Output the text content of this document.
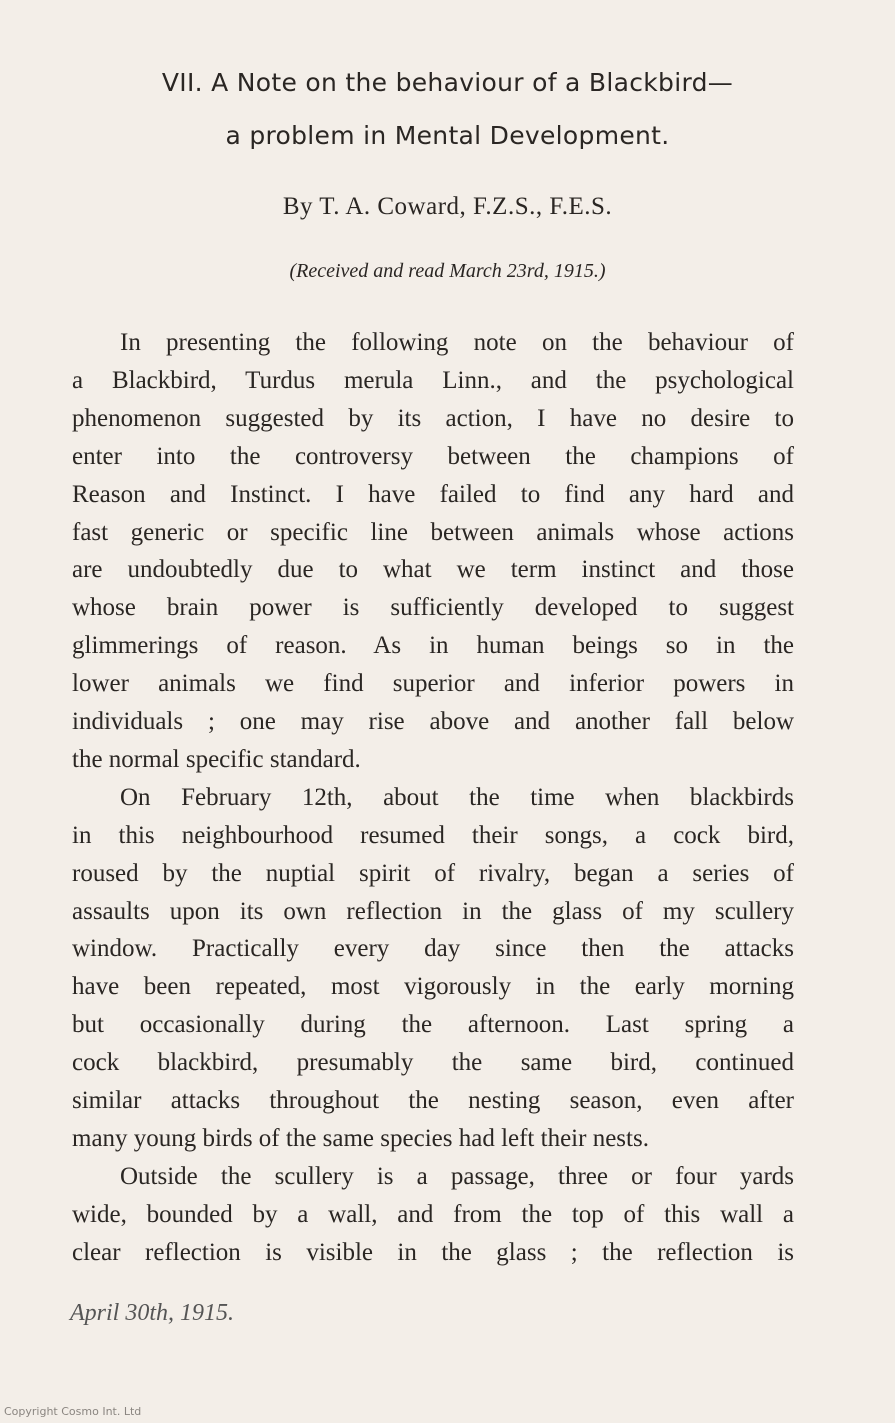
VII. A Note on the behaviour of a Blackbird—
a problem in Mental Development.
By T. A. Coward, F.Z.S., F.E.S.
(Received and read March 23rd, 1915.)
In presenting the following note on the behaviour of
a Blackbird, Turdus merula Linn., and the psychological
phenomenon suggested by its action, I have no desire to
enter into the controversy between the champions of
Reason and Instinct. I have failed to find any hard and
fast generic or specific line between animals whose actions
are undoubtedly due to what we term instinct and those
whose brain power is sufficiently developed to suggest
glimmerings of reason. As in human beings so in the
lower animals we find superior and inferior powers in
individuals ; one may rise above and another fall below
the normal specific standard.
On February 12th, about the time when blackbirds
in this neighbourhood resumed their songs, a cock bird,
roused by the nuptial spirit of rivalry, began a series of
assaults upon its own reflection in the glass of my scullery
window. Practically every day since then the attacks
have been repeated, most vigorously in the early morning
but occasionally during the afternoon. Last spring a
cock blackbird, presumably the same bird, continued
similar attacks throughout the nesting season, even after
many young birds of the same species had left their nests.
Outside the scullery is a passage, three or four yards
wide, bounded by a wall, and from the top of this wall a
clear reflection is visible in the glass ; the reflection is
April 30th, 1915.
Copyright Cosmo Int. Ltd
